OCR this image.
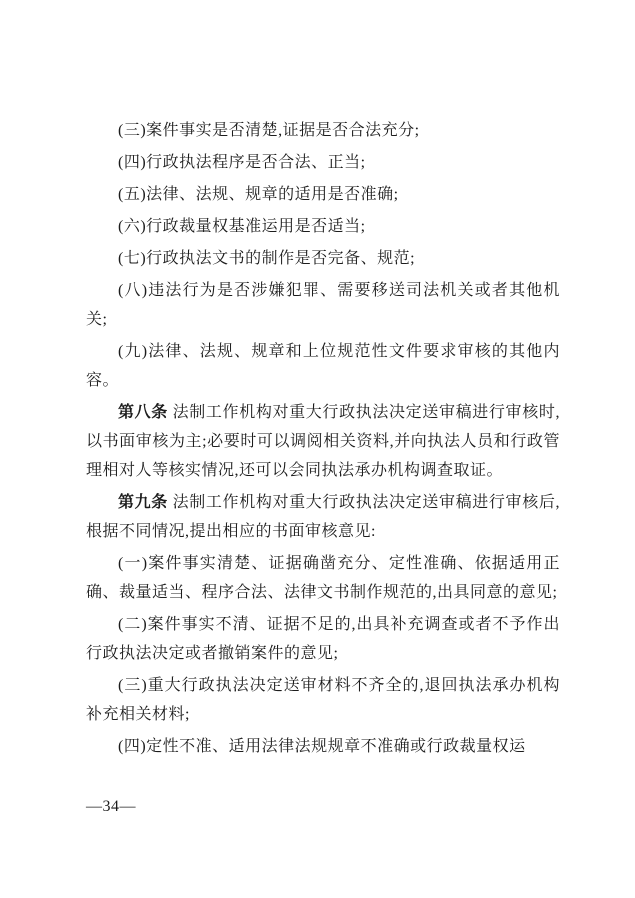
(三)案件事实是否清楚,证据是否合法充分;

(四)行政执法程序是否合法、正当;

(五)法律、法规、规章的适用是否准确;

(六)行政裁量权基准运用是否适当;

(七)行政执法文书的制作是否完备、规范;

(八)违法行为是否涉嫌犯罪、需要移送司法机关或者其他机关;

(九)法律、法规、规章和上位规范性文件要求审核的其他内容。

第八条 法制工作机构对重大行政执法决定送审稿进行审核时,以书面审核为主;必要时可以调阅相关资料,并向执法人员和行政管理相对人等核实情况,还可以会同执法承办机构调查取证。

第九条 法制工作机构对重大行政执法决定送审稿进行审核后,根据不同情况,提出相应的书面审核意见:

(一)案件事实清楚、证据确凿充分、定性准确、依据适用正确、裁量适当、程序合法、法律文书制作规范的,出具同意的意见;

(二)案件事实不清、证据不足的,出具补充调查或者不予作出行政执法决定或者撤销案件的意见;

(三)重大行政执法决定送审材料不齐全的,退回执法承办机构补充相关材料;

(四)定性不准、适用法律法规规章不准确或行政裁量权运

—34—
